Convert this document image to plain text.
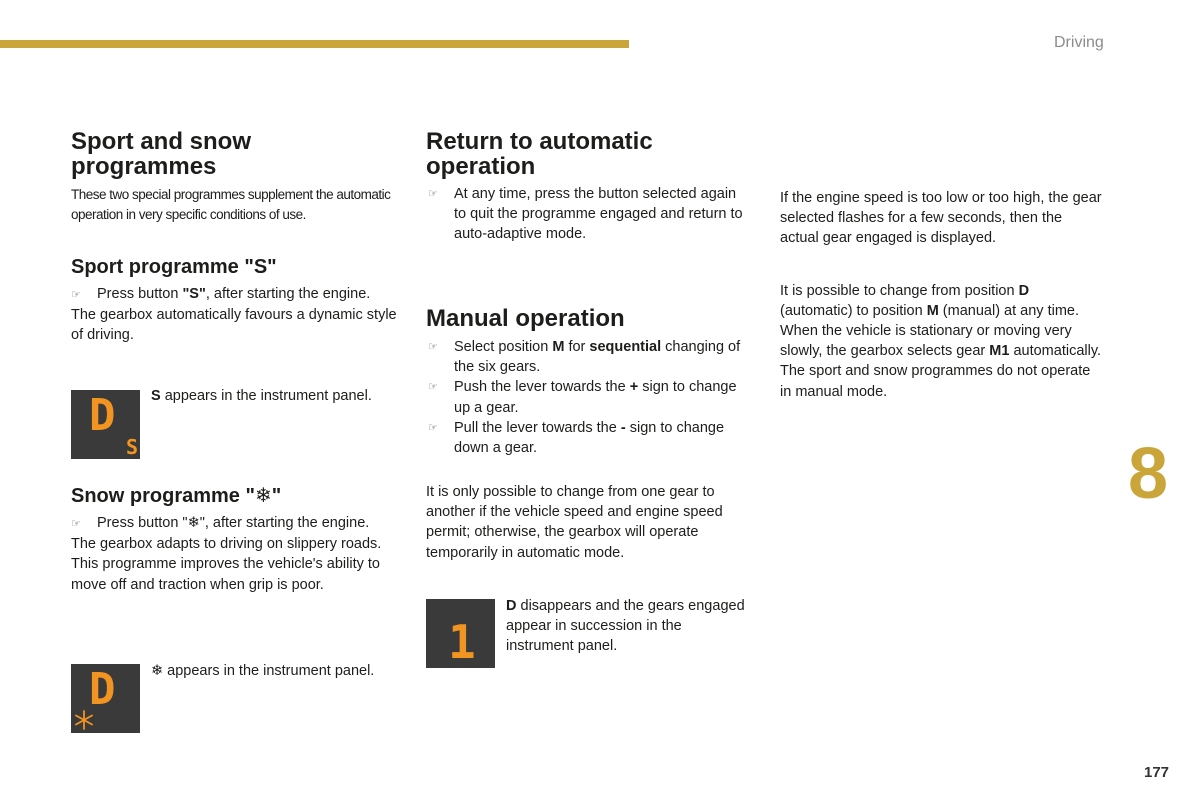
Driving
8
177
Sport and snow programmes

These two special programmes supplement the automatic operation in very specific conditions of use.

Sport programme "S"

☞ Press button "S", after starting the engine.

The gearbox automatically favours a dynamic style of driving.

D
S

S appears in the instrument panel.

Snow programme "❄"

☞ Press button "❄", after starting the engine.

The gearbox adapts to driving on slippery roads.

This programme improves the vehicle's ability to move off and traction when grip is poor.

D ❄ appears in the instrument panel.

Return to automatic operation
☞ At any time, press the button selected again to quit the programme engaged and return to auto-adaptive mode.
Manual operation
☞ Select position M for sequential changing of the six gears.
☞ Push the lever towards the + sign to change up a gear.
☞ Pull the lever towards the - sign to change down a gear.

It is only possible to change from one gear to another if the vehicle speed and engine speed permit; otherwise, the gearbox will operate temporarily in automatic mode.

1

D disappears and the gears engaged appear in succession in the instrument panel.

If the engine speed is too low or too high, the gear selected flashes for a few seconds, then the actual gear engaged is displayed.

It is possible to change from position D (automatic) to position M (manual) at any time.

When the vehicle is stationary or moving very slowly, the gearbox selects gear M1 automatically.

The sport and snow programmes do not operate in manual mode.
